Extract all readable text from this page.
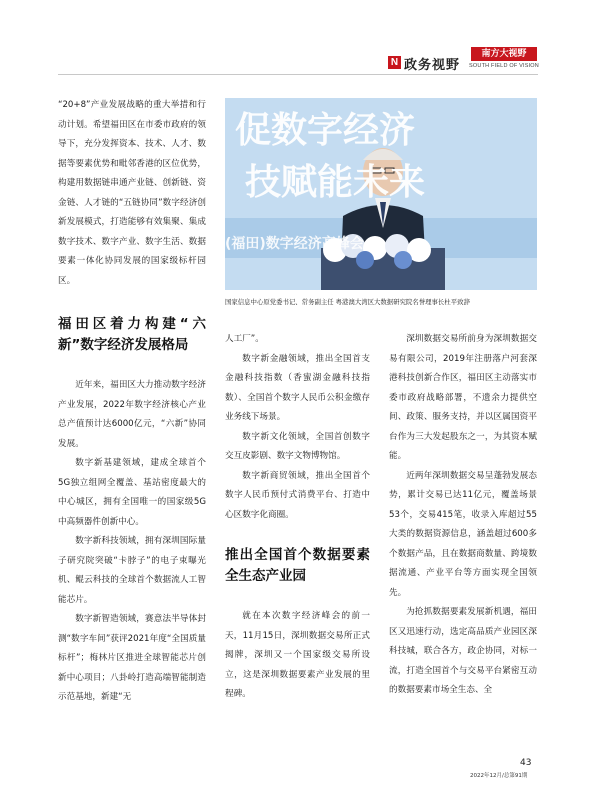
N 政务视野
南方大视野
SOUTH FIELD OF VISION

“20+8”产业发展战略的重大举措和行动计划。希望福田区在市委市政府的领导下，充分发挥资本、技术、人才、数据等要素优势和毗邻香港的区位优势，构建用数据链串通产业链、创新链、资金链、人才链的“五链协同”数字经济创新发展模式，打造能够有效集聚、集成数字技术、数字产业、数字生活、数据要素一体化协同发展的国家级标杆园区。

福田区着力构建“六新”数字经济发展格局

近年来，福田区大力推动数字经济产业发展，2022年数字经济核心产业总产值预计达6000亿元，“六新”协同发展。

数字新基建领域，建成全球首个5G独立组网全覆盖、基站密度最大的中心城区，拥有全国唯一的国家级5G中高频器件创新中心。

数字新科技领域，拥有深圳国际量子研究院突破“卡脖子”的电子束曝光机、鲲云科技的全球首个数据流人工智能芯片。

数字新智造领域，赛意法半导体封测“数字车间”获评2021年度“全国质量标杆”；梅林片区推进全球智能芯片创新中心项目；八卦岭打造高端智能制造示范基地，新建“无

促数字经济
技赋能未来
(福田)数字经济高峰会
国家信息中心原党委书记、常务副主任 粤港澳大湾区大数据研究院名誉理事长杜平致辞

人工厂”。

数字新金融领域，推出全国首支金融科技指数（香蜜湖金融科技指数）、全国首个数字人民币公积金缴存业务线下场景。

数字新文化领域，全国首创数字交互皮影剧、数字文物博物馆。

数字新商贸领域，推出全国首个数字人民币预付式消费平台、打造中心区数字化商圈。

推出全国首个数据要素全生态产业园

就在本次数字经济峰会的前一天，11月15日，深圳数据交易所正式揭牌，深圳又一个国家级交易所设立，这是深圳数据要素产业发展的里程碑。

深圳数据交易所前身为深圳数据交易有限公司，2019年注册落户河套深港科技创新合作区，福田区主动落实市委市政府战略部署，不遗余力提供空间、政策、服务支持，并以区属国资平台作为三大发起股东之一，为其资本赋能。

近两年深圳数据交易呈蓬勃发展态势，累计交易已达11亿元，覆盖场景53个，交易415笔，收录入库超过55大类的数据资源信息，涵盖超过600多个数据产品，且在数据商数量、跨境数据流通、产业平台等方面实现全国领先。

为抢抓数据要素发展新机遇，福田区又迅速行动，选定高品质产业园区深科技城，联合各方，政企协同，对标一流，打造全国首个与交易平台紧密互动的数据要素市场全生态、全

43
2022年12月/总第91期
